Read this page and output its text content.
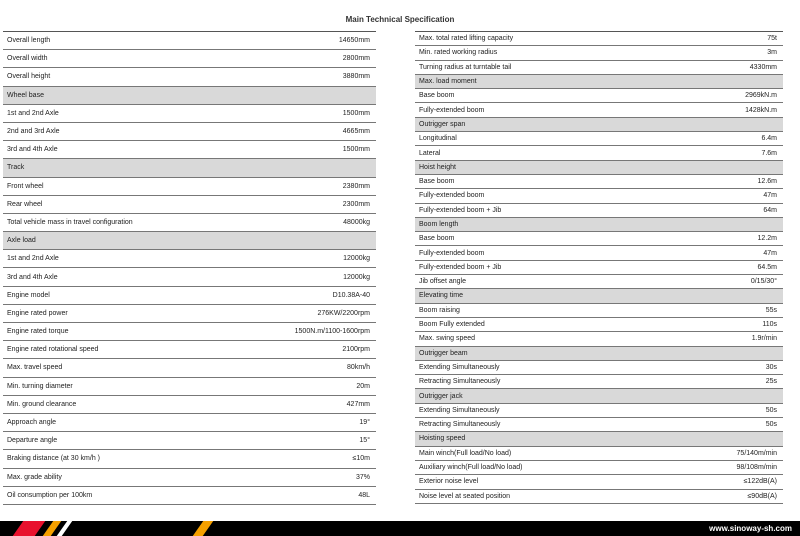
Main Technical Specification
Overall length	14650mm
Overall width	2800mm
Overall height	3880mm
Wheel base
1st and 2nd Axle	1500mm
2nd and 3rd Axle	4665mm
3rd and 4th Axle	1500mm
Track
Front wheel	2380mm
Rear wheel	2300mm
Total vehicle mass in travel configuration	48000kg
Axle load
1st and 2nd Axle	12000kg
3rd and 4th Axle	12000kg
Engine model	D10.38A-40
Engine rated power	276KW/2200rpm
Engine rated torque	1500N.m/1100-1600rpm
Engine rated rotational speed	2100rpm
Max. travel speed	80km/h
Min. turning diameter	20m
Min. ground clearance	427mm
Approach angle	19°
Departure angle	15°
Braking distance (at 30 km/h )	≤10m
Max. grade ability	37%
Oil consumption per 100km	48L
Max. total rated lifting capacity	75t
Min. rated working radius	3m
Turning radius at turntable tail	4330mm
Max. load moment
Base boom	2969kN.m
Fully-extended boom	1428kN.m
Outrigger span
Longitudinal	6.4m
Lateral	7.6m
Hoist height
Base boom	12.6m
Fully-extended boom	47m
Fully-extended boom + Jib	64m
Boom length
Base boom	12.2m
Fully-extended boom	47m
Fully-extended boom + Jib	64.5m
Jib offset angle	0/15/30°
Elevating time
Boom raising	55s
Boom Fully extended	110s
Max. swing speed	1.9r/min
Outrigger beam
Extending Simultaneously	30s
Retracting Simultaneously	25s
Outrigger jack
Extending Simultaneously	50s
Retracting Simultaneously	50s
Hoisting speed
Main winch(Full load/No load)	75/140m/min
Auxiliary winch(Full load/No load)	98/108m/min
Exterior noise level	≤122dB(A)
Noise level at seated position	≤90dB(A)
www.sinoway-sh.com
